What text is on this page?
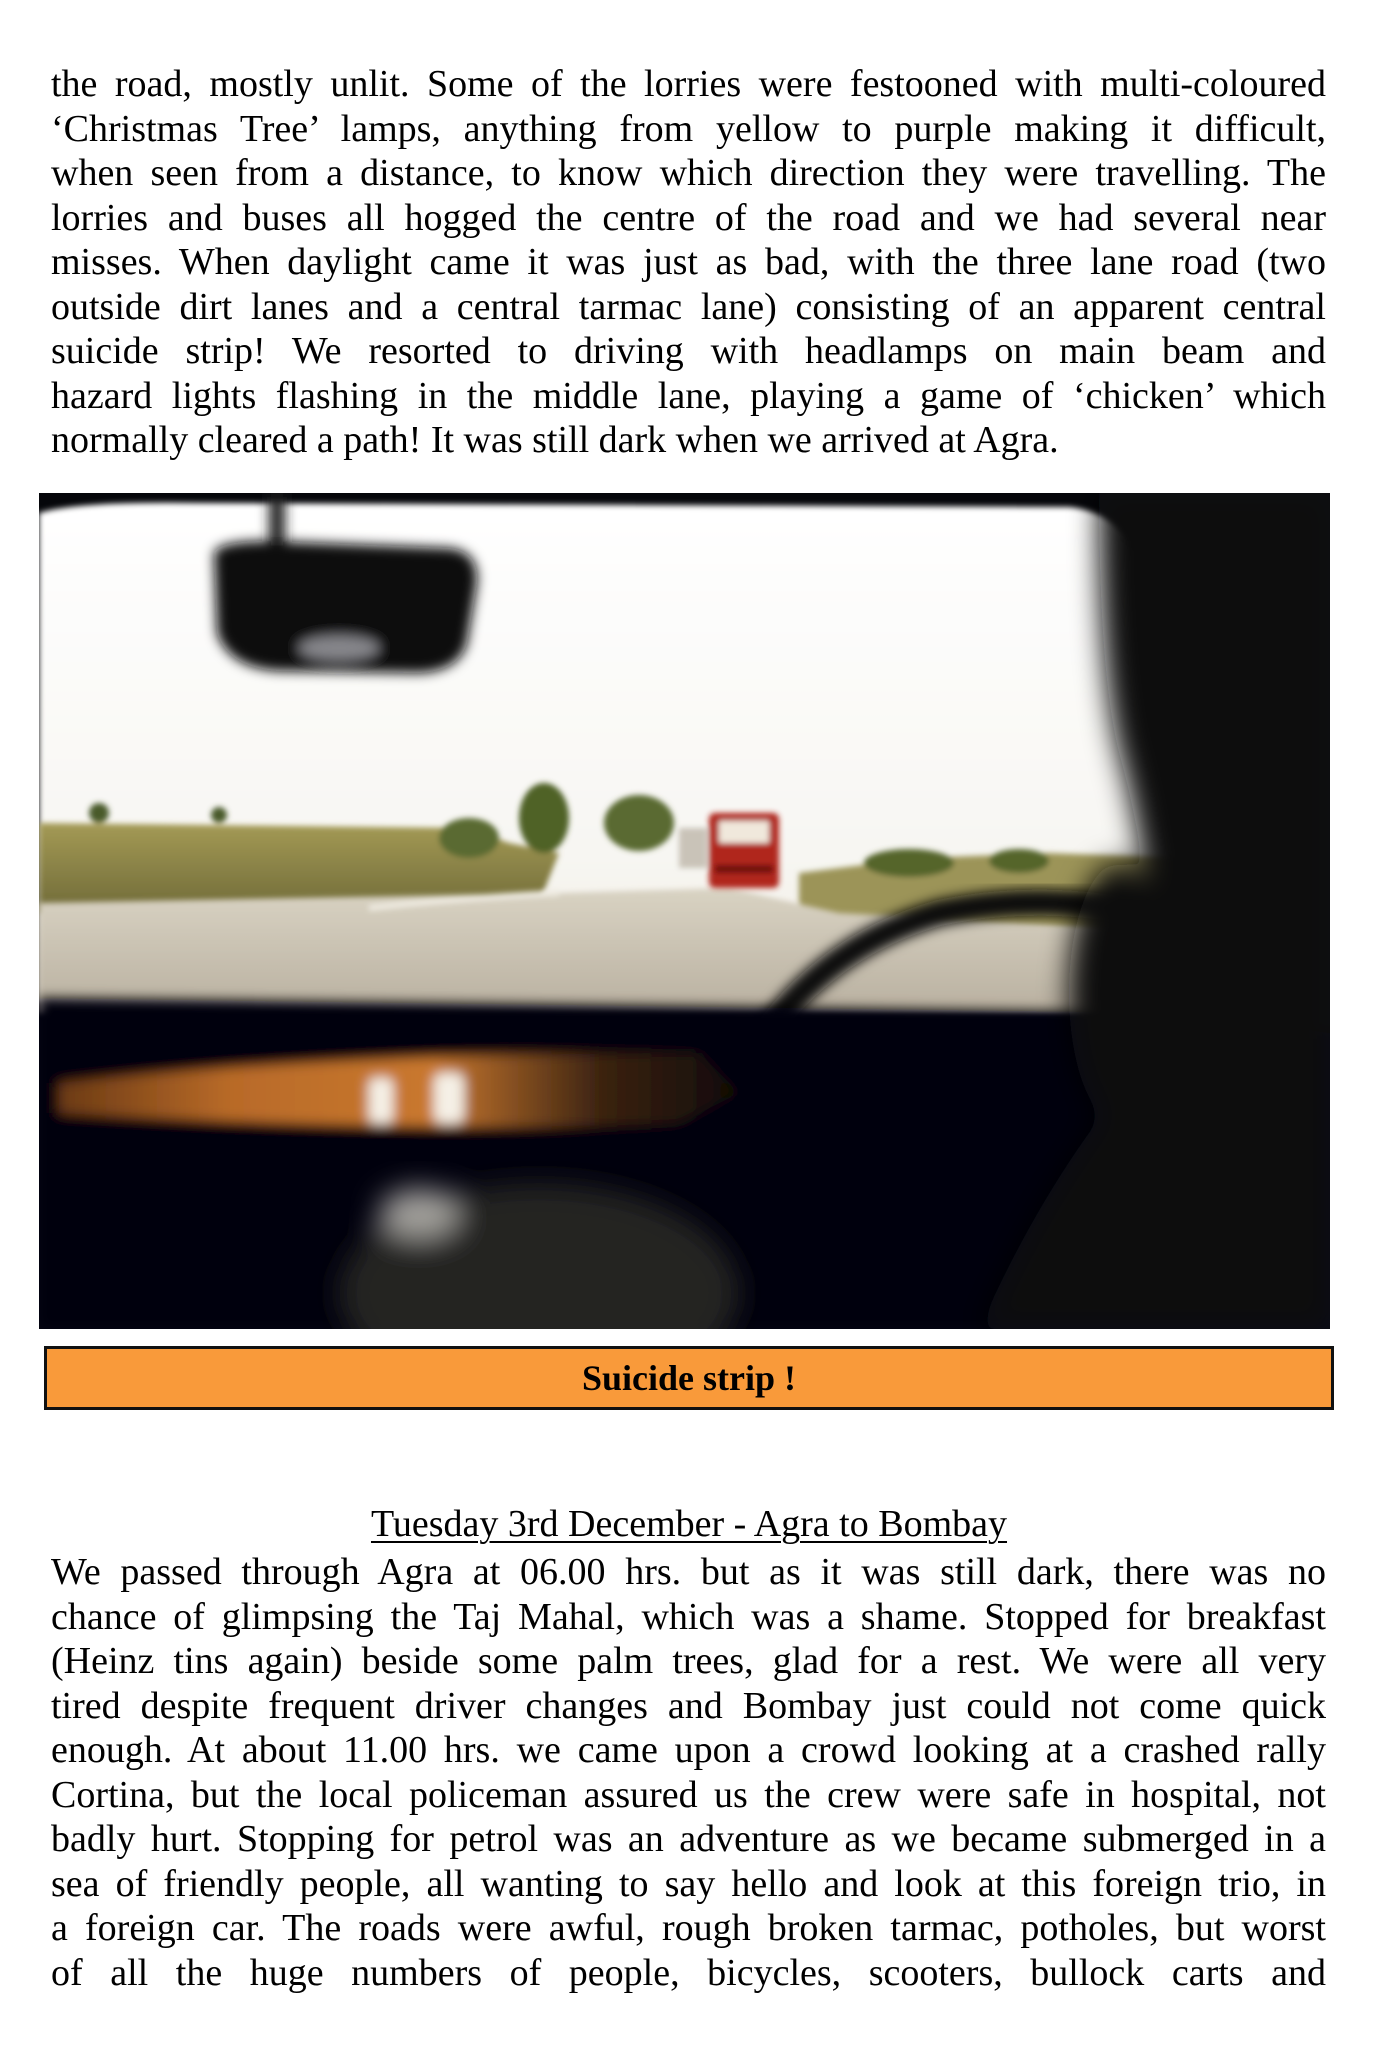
the road, mostly unlit. Some of the lorries were festooned with multi-coloured
‘Christmas Tree’ lamps, anything from yellow to purple making it difficult,
when seen from a distance, to know which direction they were travelling. The
lorries and buses all hogged the centre of the road and we had several near
misses. When daylight came it was just as bad, with the three lane road (two
outside dirt lanes and a central tarmac lane) consisting of an apparent central
suicide strip! We resorted to driving with headlamps on main beam and
hazard lights flashing in the middle lane, playing a game of ‘chicken’ which
normally cleared a path! It was still dark when we arrived at Agra.
Suicide strip !
Tuesday 3rd December - Agra to Bombay
We passed through Agra at 06.00 hrs. but as it was still dark, there was no
chance of glimpsing the Taj Mahal, which was a shame. Stopped for breakfast
(Heinz tins again) beside some palm trees, glad for a rest. We were all very
tired despite frequent driver changes and Bombay just could not come quick
enough. At about 11.00 hrs. we came upon a crowd looking at a crashed rally
Cortina, but the local policeman assured us the crew were safe in hospital, not
badly hurt. Stopping for petrol was an adventure as we became submerged in a
sea of friendly people, all wanting to say hello and look at this foreign trio, in
a foreign car. The roads were awful, rough broken tarmac, potholes, but worst
of all the huge numbers of people, bicycles, scooters, bullock carts and
